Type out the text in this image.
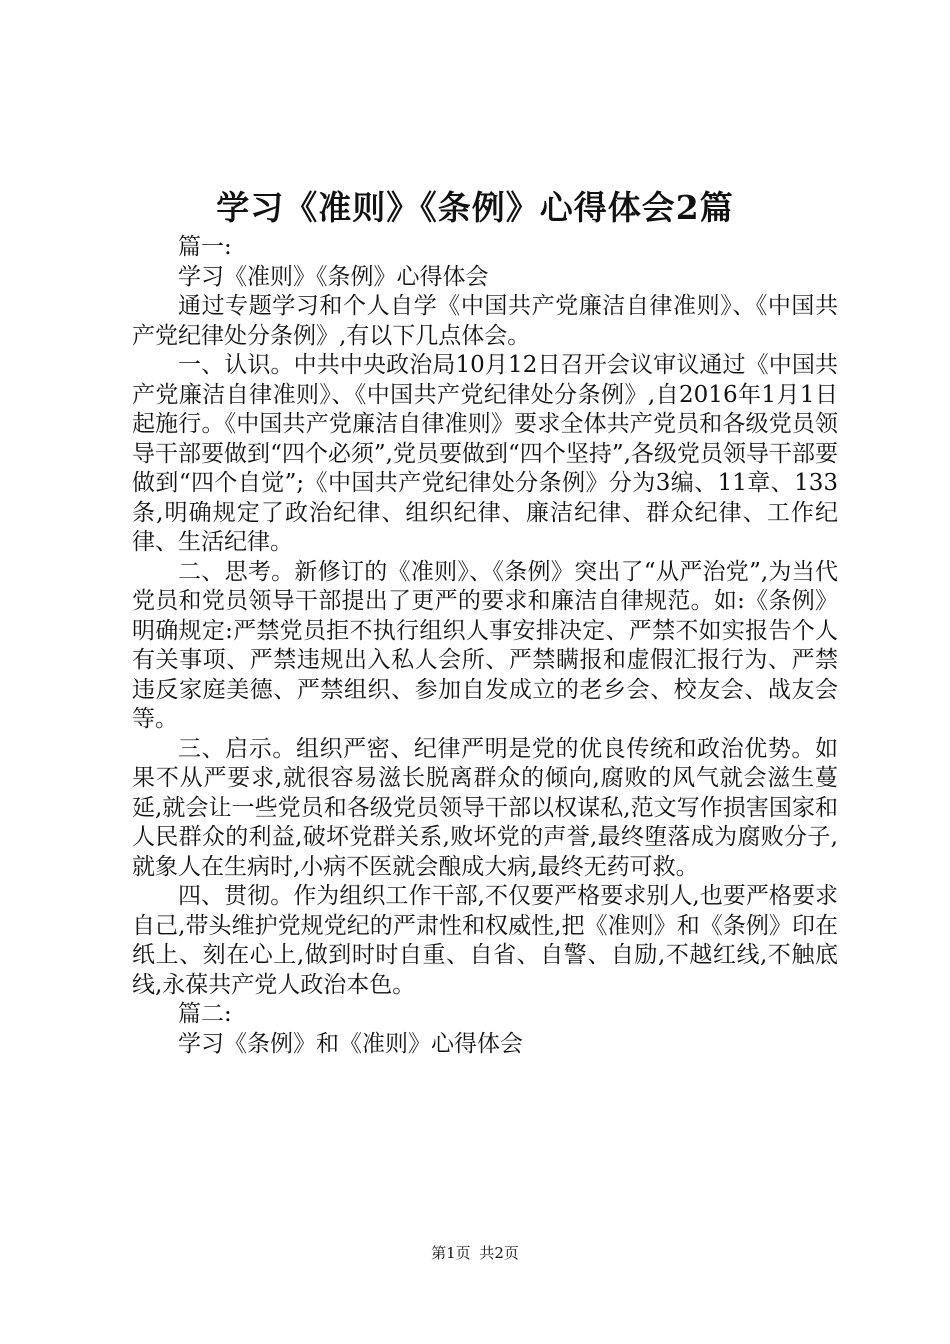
学习《准则》《条例》心得体会2篇

篇一:

学习《准则》《条例》心得体会

通过专题学习和个人自学《中国共产党廉洁自律准则》、《中国共产党纪律处分条例》,有以下几点体会。

一、认识。中共中央政治局10月12日召开会议审议通过《中国共产党廉洁自律准则》、《中国共产党纪律处分条例》,自2016年1月1日起施行。《中国共产党廉洁自律准则》要求全体共产党员和各级党员领导干部要做到“四个必须”,党员要做到“四个坚持”,各级党员领导干部要做到“四个自觉”;《中国共产党纪律处分条例》分为3编、11章、133条,明确规定了政治纪律、组织纪律、廉洁纪律、群众纪律、工作纪律、生活纪律。

二、思考。新修订的《准则》、《条例》突出了“从严治党”,为当代党员和党员领导干部提出了更严的要求和廉洁自律规范。如:《条例》明确规定:严禁党员拒不执行组织人事安排决定、严禁不如实报告个人有关事项、严禁违规出入私人会所、严禁瞒报和虚假汇报行为、严禁违反家庭美德、严禁组织、参加自发成立的老乡会、校友会、战友会等。

三、启示。组织严密、纪律严明是党的优良传统和政治优势。如果不从严要求,就很容易滋长脱离群众的倾向,腐败的风气就会滋生蔓延,就会让一些党员和各级党员领导干部以权谋私,范文写作损害国家和人民群众的利益,破坏党群关系,败坏党的声誉,最终堕落成为腐败分子,就象人在生病时,小病不医就会酿成大病,最终无药可救。

四、贯彻。作为组织工作干部,不仅要严格要求别人,也要严格要求自己,带头维护党规党纪的严肃性和权威性,把《准则》和《条例》印在纸上、刻在心上,做到时时自重、自省、自警、自励,不越红线,不触底线,永葆共产党人政治本色。

篇二:

学习《条例》和《准则》心得体会

第1页 共2页
